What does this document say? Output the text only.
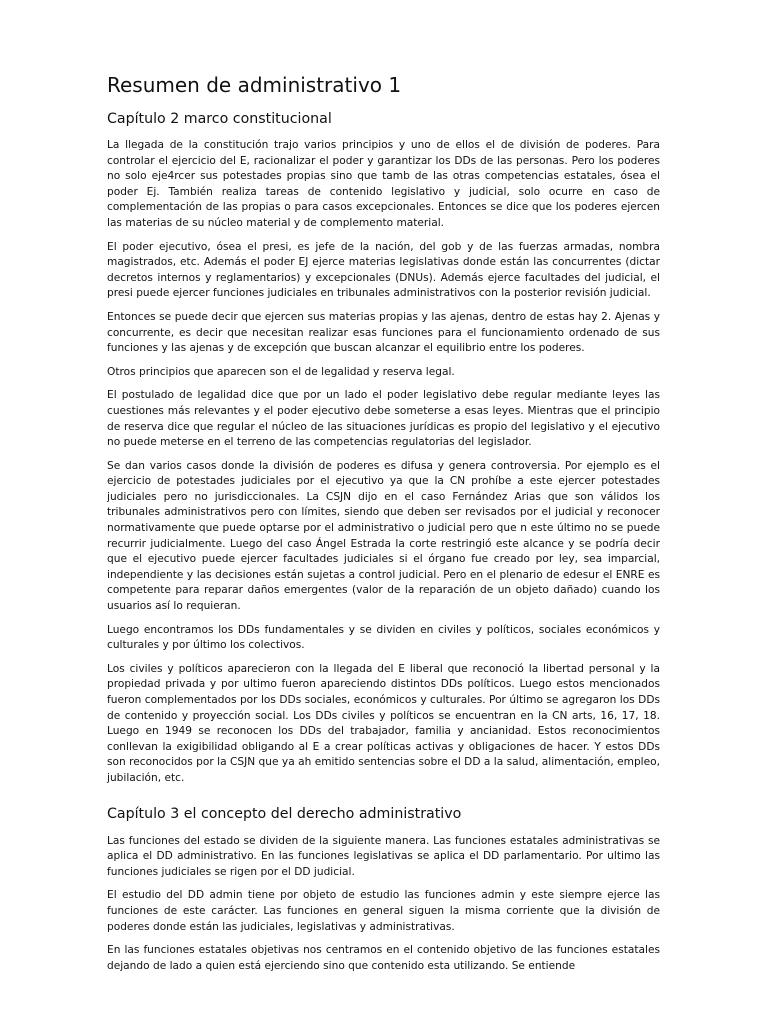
Resumen de administrativo 1
Capítulo 2 marco constitucional

La llegada de la constitución trajo varios principios y uno de ellos el de división de poderes. Para controlar el ejercicio del E, racionalizar el poder y garantizar los DDs de las personas. Pero los poderes no solo eje4rcer sus potestades propias sino que tamb de las otras competencias estatales, ósea el poder Ej. También realiza tareas de contenido legislativo y judicial, solo ocurre en caso de complementación de las propias o para casos excepcionales. Entonces se dice que los poderes ejercen las materias de su núcleo material y de complemento material.

El poder ejecutivo, ósea el presi, es jefe de la nación, del gob y de las fuerzas armadas, nombra magistrados, etc. Además el poder EJ ejerce materias legislativas donde están las concurrentes (dictar decretos internos y reglamentarios) y excepcionales (DNUs). Además ejerce facultades del judicial, el presi puede ejercer funciones judiciales en tribunales administrativos con la posterior revisión judicial.

Entonces se puede decir que ejercen sus materias propias y las ajenas, dentro de estas hay 2. Ajenas y concurrente, es decir que necesitan realizar esas funciones para el funcionamiento ordenado de sus funciones y las ajenas y de excepción que buscan alcanzar el equilibrio entre los poderes.

Otros principios que aparecen son el de legalidad y reserva legal.

El postulado de legalidad dice que por un lado el poder legislativo debe regular mediante leyes las cuestiones más relevantes y el poder ejecutivo debe someterse a esas leyes. Mientras que el principio de reserva dice que regular el núcleo de las situaciones jurídicas es propio del legislativo y el ejecutivo no puede meterse en el terreno de las competencias regulatorias del legislador.

Se dan varios casos donde la división de poderes es difusa y genera controversia. Por ejemplo es el ejercicio de potestades judiciales por el ejecutivo ya que la CN prohíbe a este ejercer potestades judiciales pero no jurisdiccionales. La CSJN dijo en el caso Fernández Arias que son válidos los tribunales administrativos pero con límites, siendo que deben ser revisados por el judicial y reconocer normativamente que puede optarse por el administrativo o judicial pero que n este último no se puede recurrir judicialmente. Luego del caso Ángel Estrada la corte restringió este alcance y se podría decir que el ejecutivo puede ejercer facultades judiciales si el órgano fue creado por ley, sea imparcial, independiente y las decisiones están sujetas a control judicial. Pero en el plenario de edesur el ENRE es competente para reparar daños emergentes (valor de la reparación de un objeto dañado) cuando los usuarios así lo requieran.

Luego encontramos los DDs fundamentales y se dividen en civiles y políticos, sociales económicos y culturales y por último los colectivos.

Los civiles y políticos aparecieron con la llegada del E liberal que reconoció la libertad personal y la propiedad privada y por ultimo fueron apareciendo distintos DDs políticos. Luego estos mencionados fueron complementados por los DDs sociales, económicos y culturales. Por último se agregaron los DDs de contenido y proyección social. Los DDs civiles y políticos se encuentran en la CN arts, 16, 17, 18. Luego en 1949 se reconocen los DDs del trabajador, familia y ancianidad. Estos reconocimientos conllevan la exigibilidad obligando al E a crear políticas activas y obligaciones de hacer. Y estos DDs son reconocidos por la CSJN que ya ah emitido sentencias sobre el DD a la salud, alimentación, empleo, jubilación, etc.

Capítulo 3 el concepto del derecho administrativo

Las funciones del estado se dividen de la siguiente manera. Las funciones estatales administrativas se aplica el DD administrativo. En las funciones legislativas se aplica el DD parlamentario. Por ultimo las funciones judiciales se rigen por el DD judicial.

El estudio del DD admin tiene por objeto de estudio las funciones admin y este siempre ejerce las funciones de este carácter. Las funciones en general siguen la misma corriente que la división de poderes donde están las judiciales, legislativas y administrativas.

En las funciones estatales objetivas nos centramos en el contenido objetivo de las funciones estatales dejando de lado a quien está ejerciendo sino que contenido esta utilizando. Se entiende
